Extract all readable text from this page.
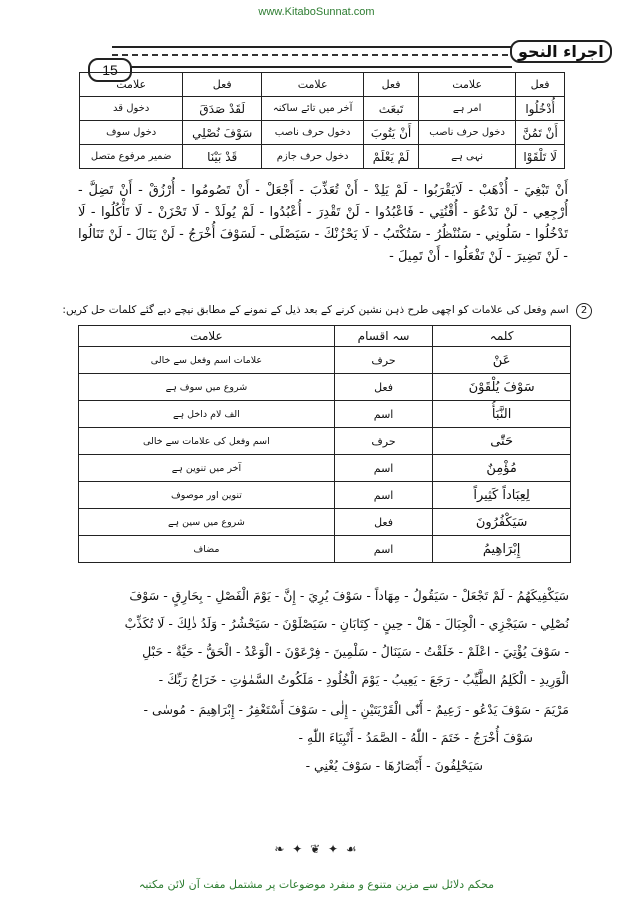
www.KitaboSunnat.com
اجراء النحو
15
فعل	علامت	فعل	علامت	فعل	علامت
أُدْخُلُوا	امر ہے	تَبعَث	آخر میں تائے ساکنہ	لَقَدْ صَدَقَ	دخول قد
أَنْ تَمُنَّ	دخول حرف ناصب	أَنْ يَتُوبَ	دخول حرف ناصب	سَوْفَ نُصْلِي	دخول سوف
لَا تَلْقَوْا	نہی ہے	لَمْ يَعْلَمْ	دخول حرف جازم	قَدْ بَيْنَا	ضمیر مرفوع متصل
أَنْ تَبْغِيَ - أُذْهَبْ - لَايَقْرَبُوا - لَمْ يَلِدْ - أَنْ تُعَذِّبَ - أَجْعَلْ - أَنْ تَصُومُوا - أُرْزُقْ - أَنْ تَضِلَّ - أُرْجِعِي - لَنْ نَدْعُوَ - أُقْنُتِي - فَاعْبُدُوا - لَنْ تَقْدِرَ - أُعْبُدُوا - لَمْ يُولَدْ - لَا تَحْزَنْ - لَا تَأْكُلُوا - لَا تَدْخُلُوا - سَلُونِي - سَنُنْظُرُ - سَتُكْتَبُ - لَا يَحْزُنْكَ - سَيَصْلَى - لَسَوْفَ أُخْرَجُ - لَنْ يَنَالَ - لَنْ تَنَالُوا - لَنْ تَضِيرَ - لَنْ تَفْعَلُوا - أَنْ تَمِيلَ -
2 اسم وفعل کی علامات کو اچھی طرح ذہن نشین کرنے کے بعد ذیل کے نمونے کے مطابق نیچے دیے گئے کلمات حل کریں:
کلمہ	سہ اقسام	علامت
عَنْ	حرف	علامات اسم وفعل سے خالی
سَوْفَ يُلْقَوْنَ	فعل	شروع میں سوف ہے
النَّبَأُ	اسم	الف لام داخل ہے
حَتّٰى	حرف	اسم وفعل کی علامات سے خالی
مُؤْمِنٌ	اسم	آخر میں تنوین ہے
لِعِبَاداً كَثِيراً	اسم	تنوین اور موصوف
سَيَكْفُرُونَ	فعل	شروع میں سین ہے
إِبْرَاهِيمُ	اسم	مضاف
سَيَكْفِيكَهُمُ - لَمْ تَجْعَلْ - سَيَقُولُ - مِهَاداً - سَوْفَ يُرِيَ - إِنَّ - يَوْمَ الْفَصْلِ - بِحَارِقٍ - سَوْفَ
نُصْلِي - سَيَجْزِي - الْجِبَالَ - هَلْ - حِينٍ - كِتَابَانِ - سَيَصْلَوْنَ - سَيَحْشُرُ - وَلَدُ ذٰلِكَ - لَا تُكَذِّبْ
- سَوْفَ يُؤْتِيَ - اعْلَمْ - خَلَقْتُ - سَيَنَالُ - سَلْمِينَ - فِرْعَوْنَ - الْوَعْدُ - الْحَقُّ - حَيَّةٌ - حَبْلِ
الْوَرِيدِ - الْكَلِمُ الطَّيِّبُ - رَجَعَ - يَعِيبُ - يَوْمَ الْخُلُودِ - مَلَكُوتُ السَّمٰوٰتِ - خَرَاجُ رَبِّكَ -
مَرْيَمَ - سَوْفَ يَدْعُو - زَعِيمٌ - أَنّٰى الْقَرْيَتَيْنِ - إِلٰى - سَوْفَ أَسْتَغْفِرُ - إِبْرَاهِيمَ - مُوسٰى -
سَوْفَ أُخْرَجُ - خَتَمَ - اللّٰهُ - الصَّمَدُ - أَنْبِيَاءَ اللّٰهِ -
سَيَحْلِفُونَ - أَبْصَارُهَا - سَوْفَ يُغْنِي -
❧ ✦ ❦ ✦ ☙
محکم دلائل سے مزین متنوع و منفرد موضوعات پر مشتمل مفت آن لائن مکتبہ
